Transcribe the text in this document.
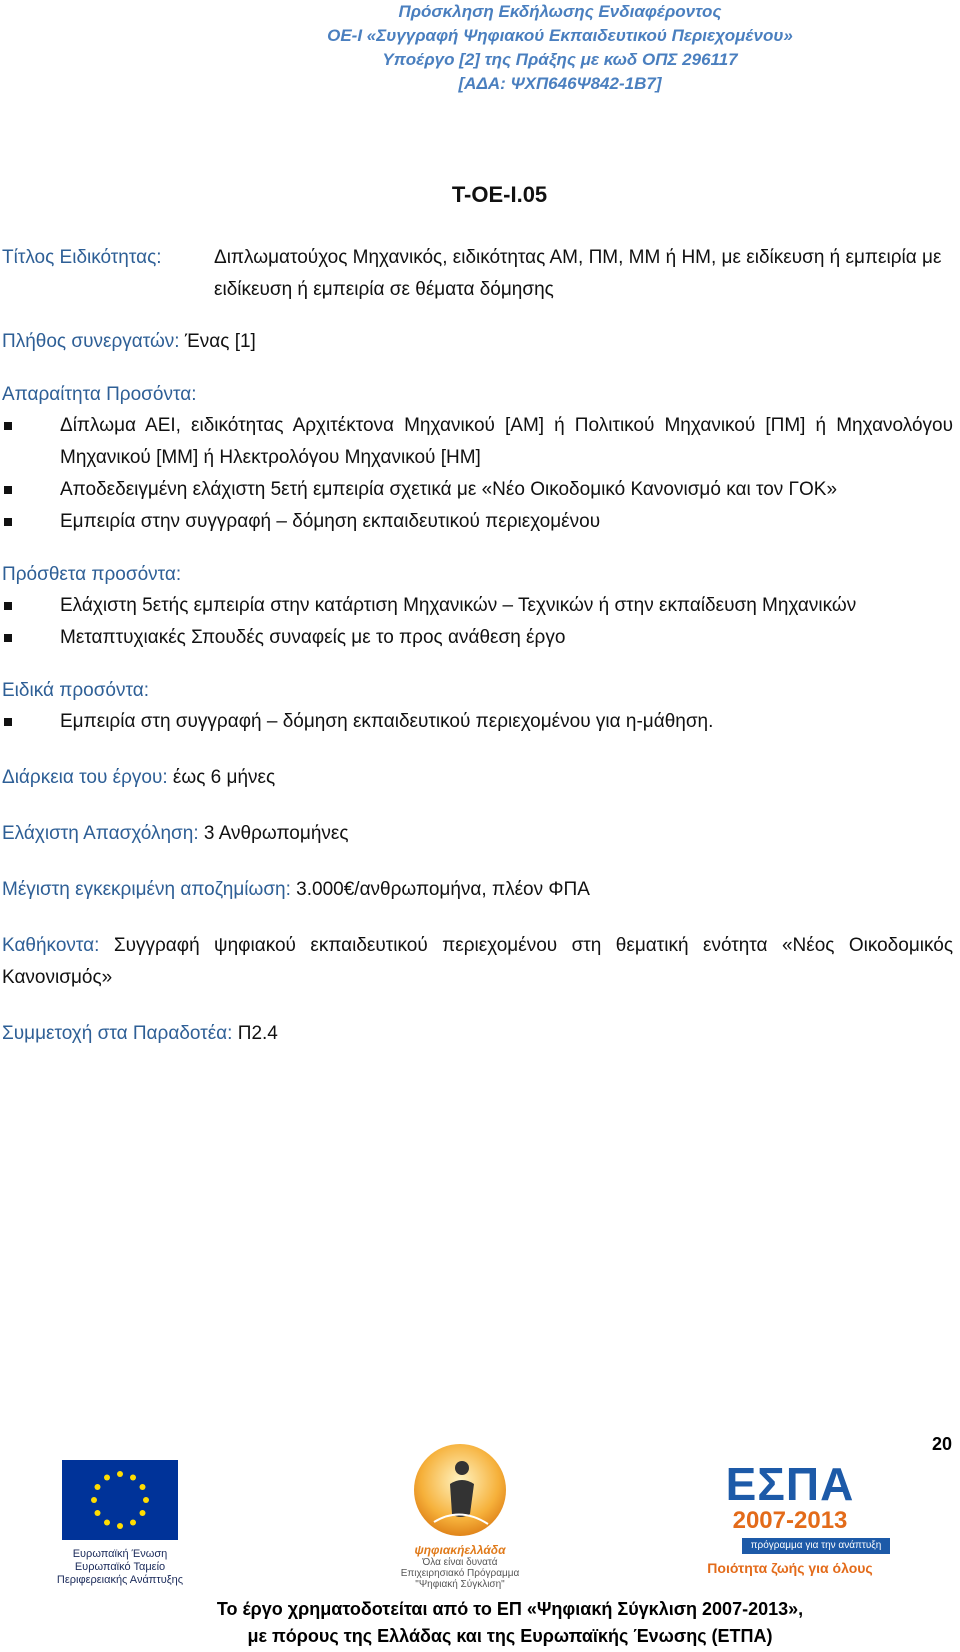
Πρόσκληση Εκδήλωσης Ενδιαφέροντος
ΟΕ-Ι «Συγγραφή Ψηφιακού Εκπαιδευτικού Περιεχομένου»
Υποέργο [2] της Πράξης με κωδ ΟΠΣ 296117
[ΑΔΑ: ΨΧΠ646Ψ842-1Β7]
Τ-ΟΕ-Ι.05
Τίτλος Ειδικότητας:	Διπλωματούχος Μηχανικός, ειδικότητας ΑΜ, ΠΜ, ΜΜ ή ΗΜ, με ειδίκευση ή εμπειρία με ειδίκευση ή εμπειρία σε θέματα δόμησης
Πλήθος συνεργατών: Ένας [1]
Απαραίτητα Προσόντα:
Δίπλωμα ΑΕΙ, ειδικότητας Αρχιτέκτονα Μηχανικού [ΑΜ] ή Πολιτικού Μηχανικού [ΠΜ] ή Μηχανολόγου Μηχανικού [ΜΜ] ή Ηλεκτρολόγου Μηχανικού [ΗΜ]
Αποδεδειγμένη ελάχιστη 5ετή εμπειρία σχετικά με «Νέο Οικοδομικό Κανονισμό και τον ΓΟΚ»
Εμπειρία στην συγγραφή – δόμηση εκπαιδευτικού περιεχομένου
Πρόσθετα προσόντα:
Ελάχιστη 5ετής εμπειρία στην κατάρτιση Μηχανικών – Τεχνικών ή στην εκπαίδευση Μηχανικών
Μεταπτυχιακές Σπουδές συναφείς με το προς ανάθεση έργο
Ειδικά προσόντα:
Εμπειρία στη συγγραφή – δόμηση εκπαιδευτικού περιεχομένου για η-μάθηση.
Διάρκεια του έργου: έως 6 μήνες
Ελάχιστη Απασχόληση: 3 Ανθρωπομήνες
Μέγιστη εγκεκριμένη αποζημίωση: 3.000€/ανθρωπομήνα, πλέον ΦΠΑ
Καθήκοντα: Συγγραφή ψηφιακού εκπαιδευτικού περιεχομένου στη θεματική ενότητα «Νέος Οικοδομικός Κανονισμός»
Συμμετοχή στα Παραδοτέα: Π2.4
20
Ευρωπαϊκή Ένωση
Ευρωπαϊκό Ταμείο
Περιφερειακής Ανάπτυξης
ψηφιακήελλάδα
Όλα είναι δυνατά
Επιχειρησιακό Πρόγραμμα
"Ψηφιακή Σύγκλιση"
ΕΣΠΑ
2007-2013
πρόγραμμα για την ανάπτυξη
Ποιότητα ζωής για όλους
Το έργο χρηματοδοτείται από το ΕΠ «Ψηφιακή Σύγκλιση 2007-2013»,
με πόρους της Ελλάδας και της Ευρωπαϊκής Ένωσης (ΕΤΠΑ)
